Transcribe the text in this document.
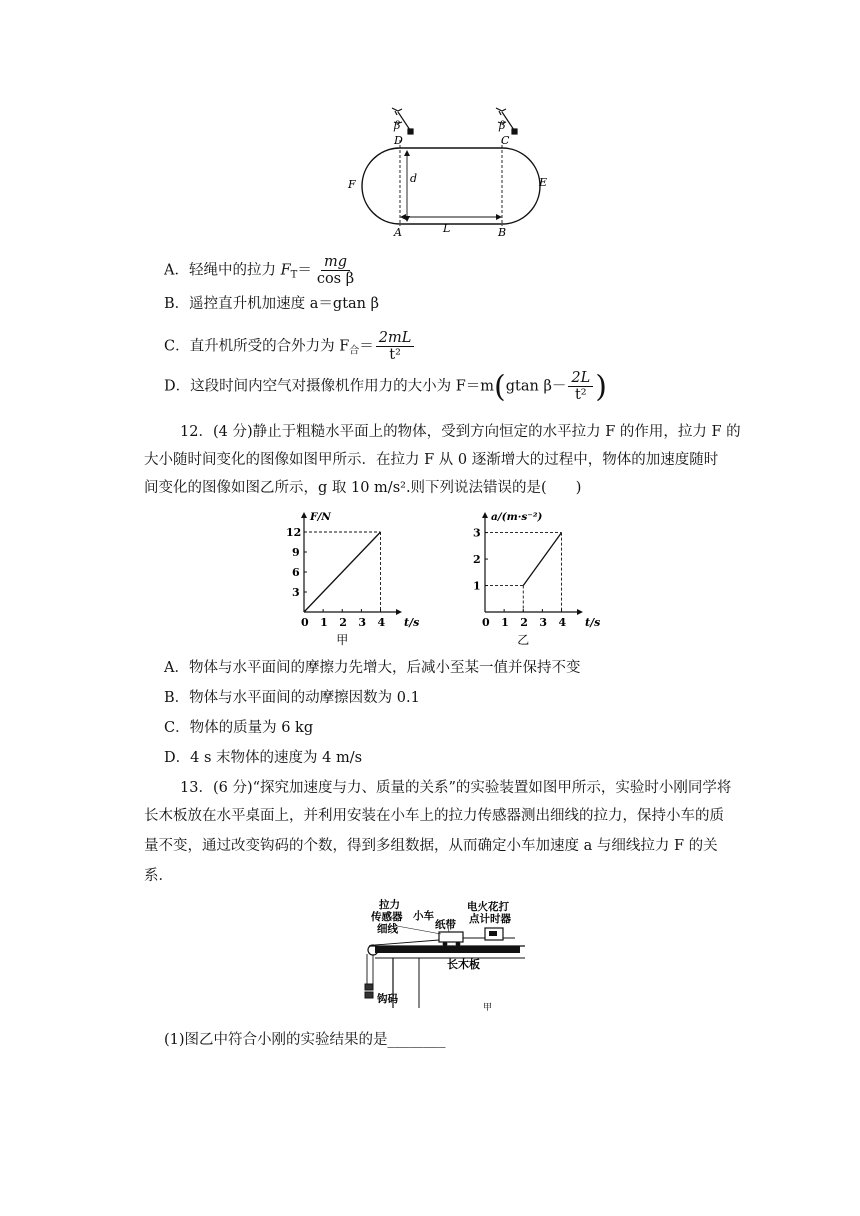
β	β
D	C
A	B
F	E
d
L
A．轻绳中的拉力 $F_T= \frac{mg}{\text{cos β}}$
B．遥控直升机加速度 a＝gtan β
C．直升机所受的合外力为 $F_合= \frac{2mL}{\text{t²}}$
D．这段时间内空气对摄像机作用力的大小为 F＝m(gtan $\beta- \frac{2L}{\text{t²}}$ )
12．(4 分)静止于粗糙水平面上的物体，受到方向恒定的水平拉力 F 的作用，拉力 F 的
大小随时间变化的图像如图甲所示．在拉力 F 从 0 逐渐增大的过程中，物体的加速度随时
间变化的图像如图乙所示，g 取 10 m/s².则下列说法错误的是(　　)
0 1 2 3 4
3
6
9
12
t/s
F/N
甲
0 1 2 3 4
1
2
3
t/s
a/(m·s⁻²)
乙
A．物体与水平面间的摩擦力先增大，后减小至某一值并保持不变
B．物体与水平面间的动摩擦因数为 0.1
C．物体的质量为 6 kg
D．4 s 末物体的速度为 4 m/s
13．(6 分)“探究加速度与力、质量的关系”的实验装置如图甲所示，实验时小刚同学将
长木板放在水平桌面上，并利用安装在小车上的拉力传感器测出细线的拉力，保持小车的质
量不变，通过改变钩码的个数，得到多组数据，从而确定小车加速度 a 与细线拉力 F 的关
系．
拉力
传感器 小车
纸带
电火花打
点计时器
细线
长木板
钩码
甲
(1)图乙中符合小刚的实验结果的是________
